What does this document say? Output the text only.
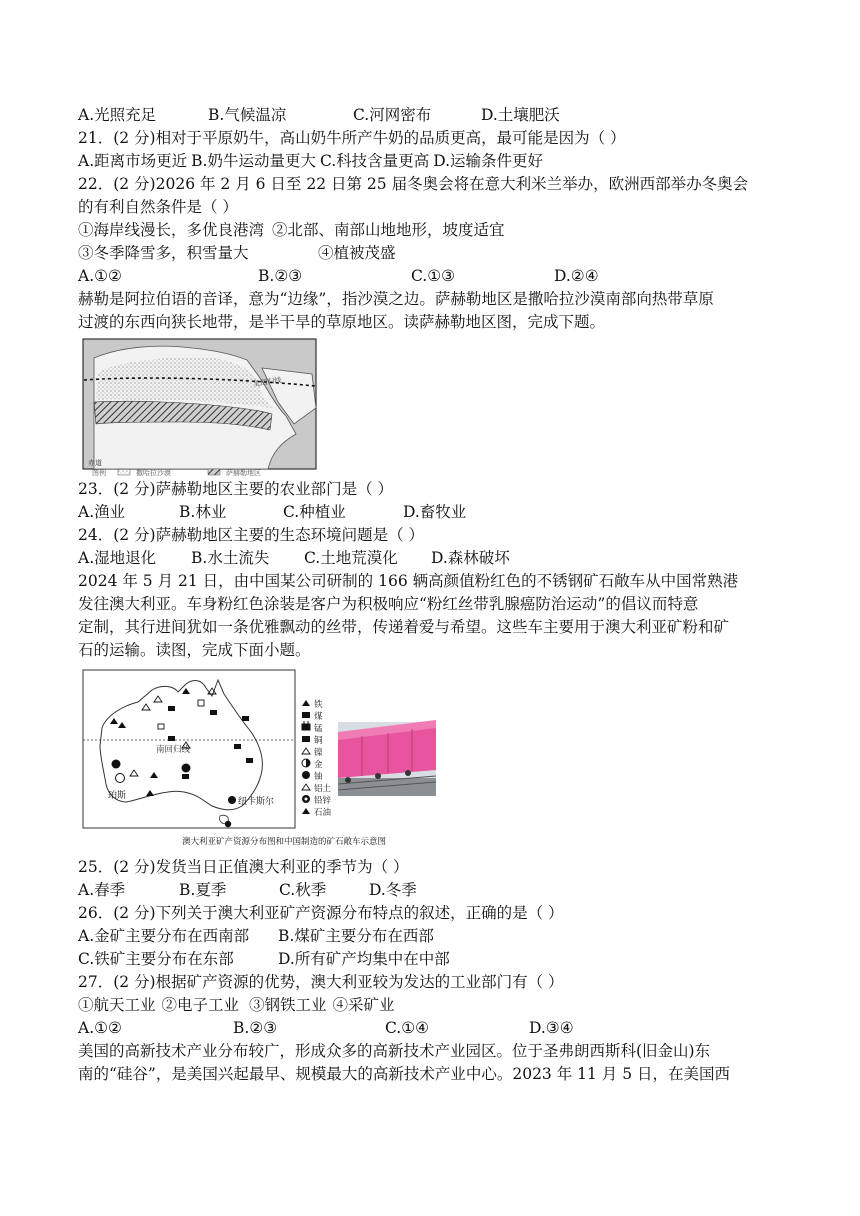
A.光照充足	B.气候温凉	C.河网密布	D.土壤肥沃
21．(2 分)相对于平原奶牛，高山奶牛所产牛奶的品质更高，最可能是因为（ ）
A.距离市场更近 B.奶牛运动量更大 C.科技含量更高 D.运输条件更好
22．(2 分)2026 年 2 月 6 日至 22 日第 25 届冬奥会将在意大利米兰举办，欧洲西部举办冬奥会
的有利自然条件是（ ）
①海岸线漫长，多优良港湾 ②北部、南部山地地形，坡度适宜
③冬季降雪多，积雪量大	④植被茂盛
A.①②	B.②③	C.①③	D.②④
赫勒是阿拉伯语的音译，意为“边缘”，指沙漠之边。萨赫勒地区是撒哈拉沙漠南部向热带草原
过渡的东西向狭长地带，是半干旱的草原地区。读萨赫勒地区图，完成下题。
北回归线
赤道
图例	撒哈拉沙漠	萨赫勒地区
23．(2 分)萨赫勒地区主要的农业部门是（ ）
A.渔业	B.林业	C.种植业	D.畜牧业
24．(2 分)萨赫勒地区主要的生态环境问题是（ ）
A.湿地退化	B.水土流失	C.土地荒漠化	D.森林破坏
2024 年 5 月 21 日，由中国某公司研制的 166 辆高颜值粉红色的不锈钢矿石敞车从中国常熟港
发往澳大利亚。车身粉红色涂装是客户为积极响应“粉红丝带乳腺癌防治运动”的倡议而特意
定制，其行进间犹如一条优雅飘动的丝带，传递着爱与希望。这些车主要用于澳大利亚矿粉和矿
石的运输。读图，完成下面小题。
南回归线
珀斯
纽卡斯尔
铁
煤
锰
铜
镍
金
铀
铝土
铅锌
石油
澳大利亚矿产资源分布图和中国制造的矿石敞车示意图
25．(2 分)发货当日正值澳大利亚的季节为（ ）
A.春季	B.夏季	C.秋季	D.冬季
26．(2 分)下列关于澳大利亚矿产资源分布特点的叙述，正确的是（ ）
A.金矿主要分布在西南部	B.煤矿主要分布在西部
C.铁矿主要分布在东部	D.所有矿产均集中在中部
27．(2 分)根据矿产资源的优势，澳大利亚较为发达的工业部门有（ ）
①航天工业 ②电子工业 ③钢铁工业 ④采矿业
A.①②	B.②③	C.①④	D.③④
美国的高新技术产业分布较广，形成众多的高新技术产业园区。位于圣弗朗西斯科(旧金山)东
南的“硅谷”，是美国兴起最早、规模最大的高新技术产业中心。2023 年 11 月 5 日，在美国西
